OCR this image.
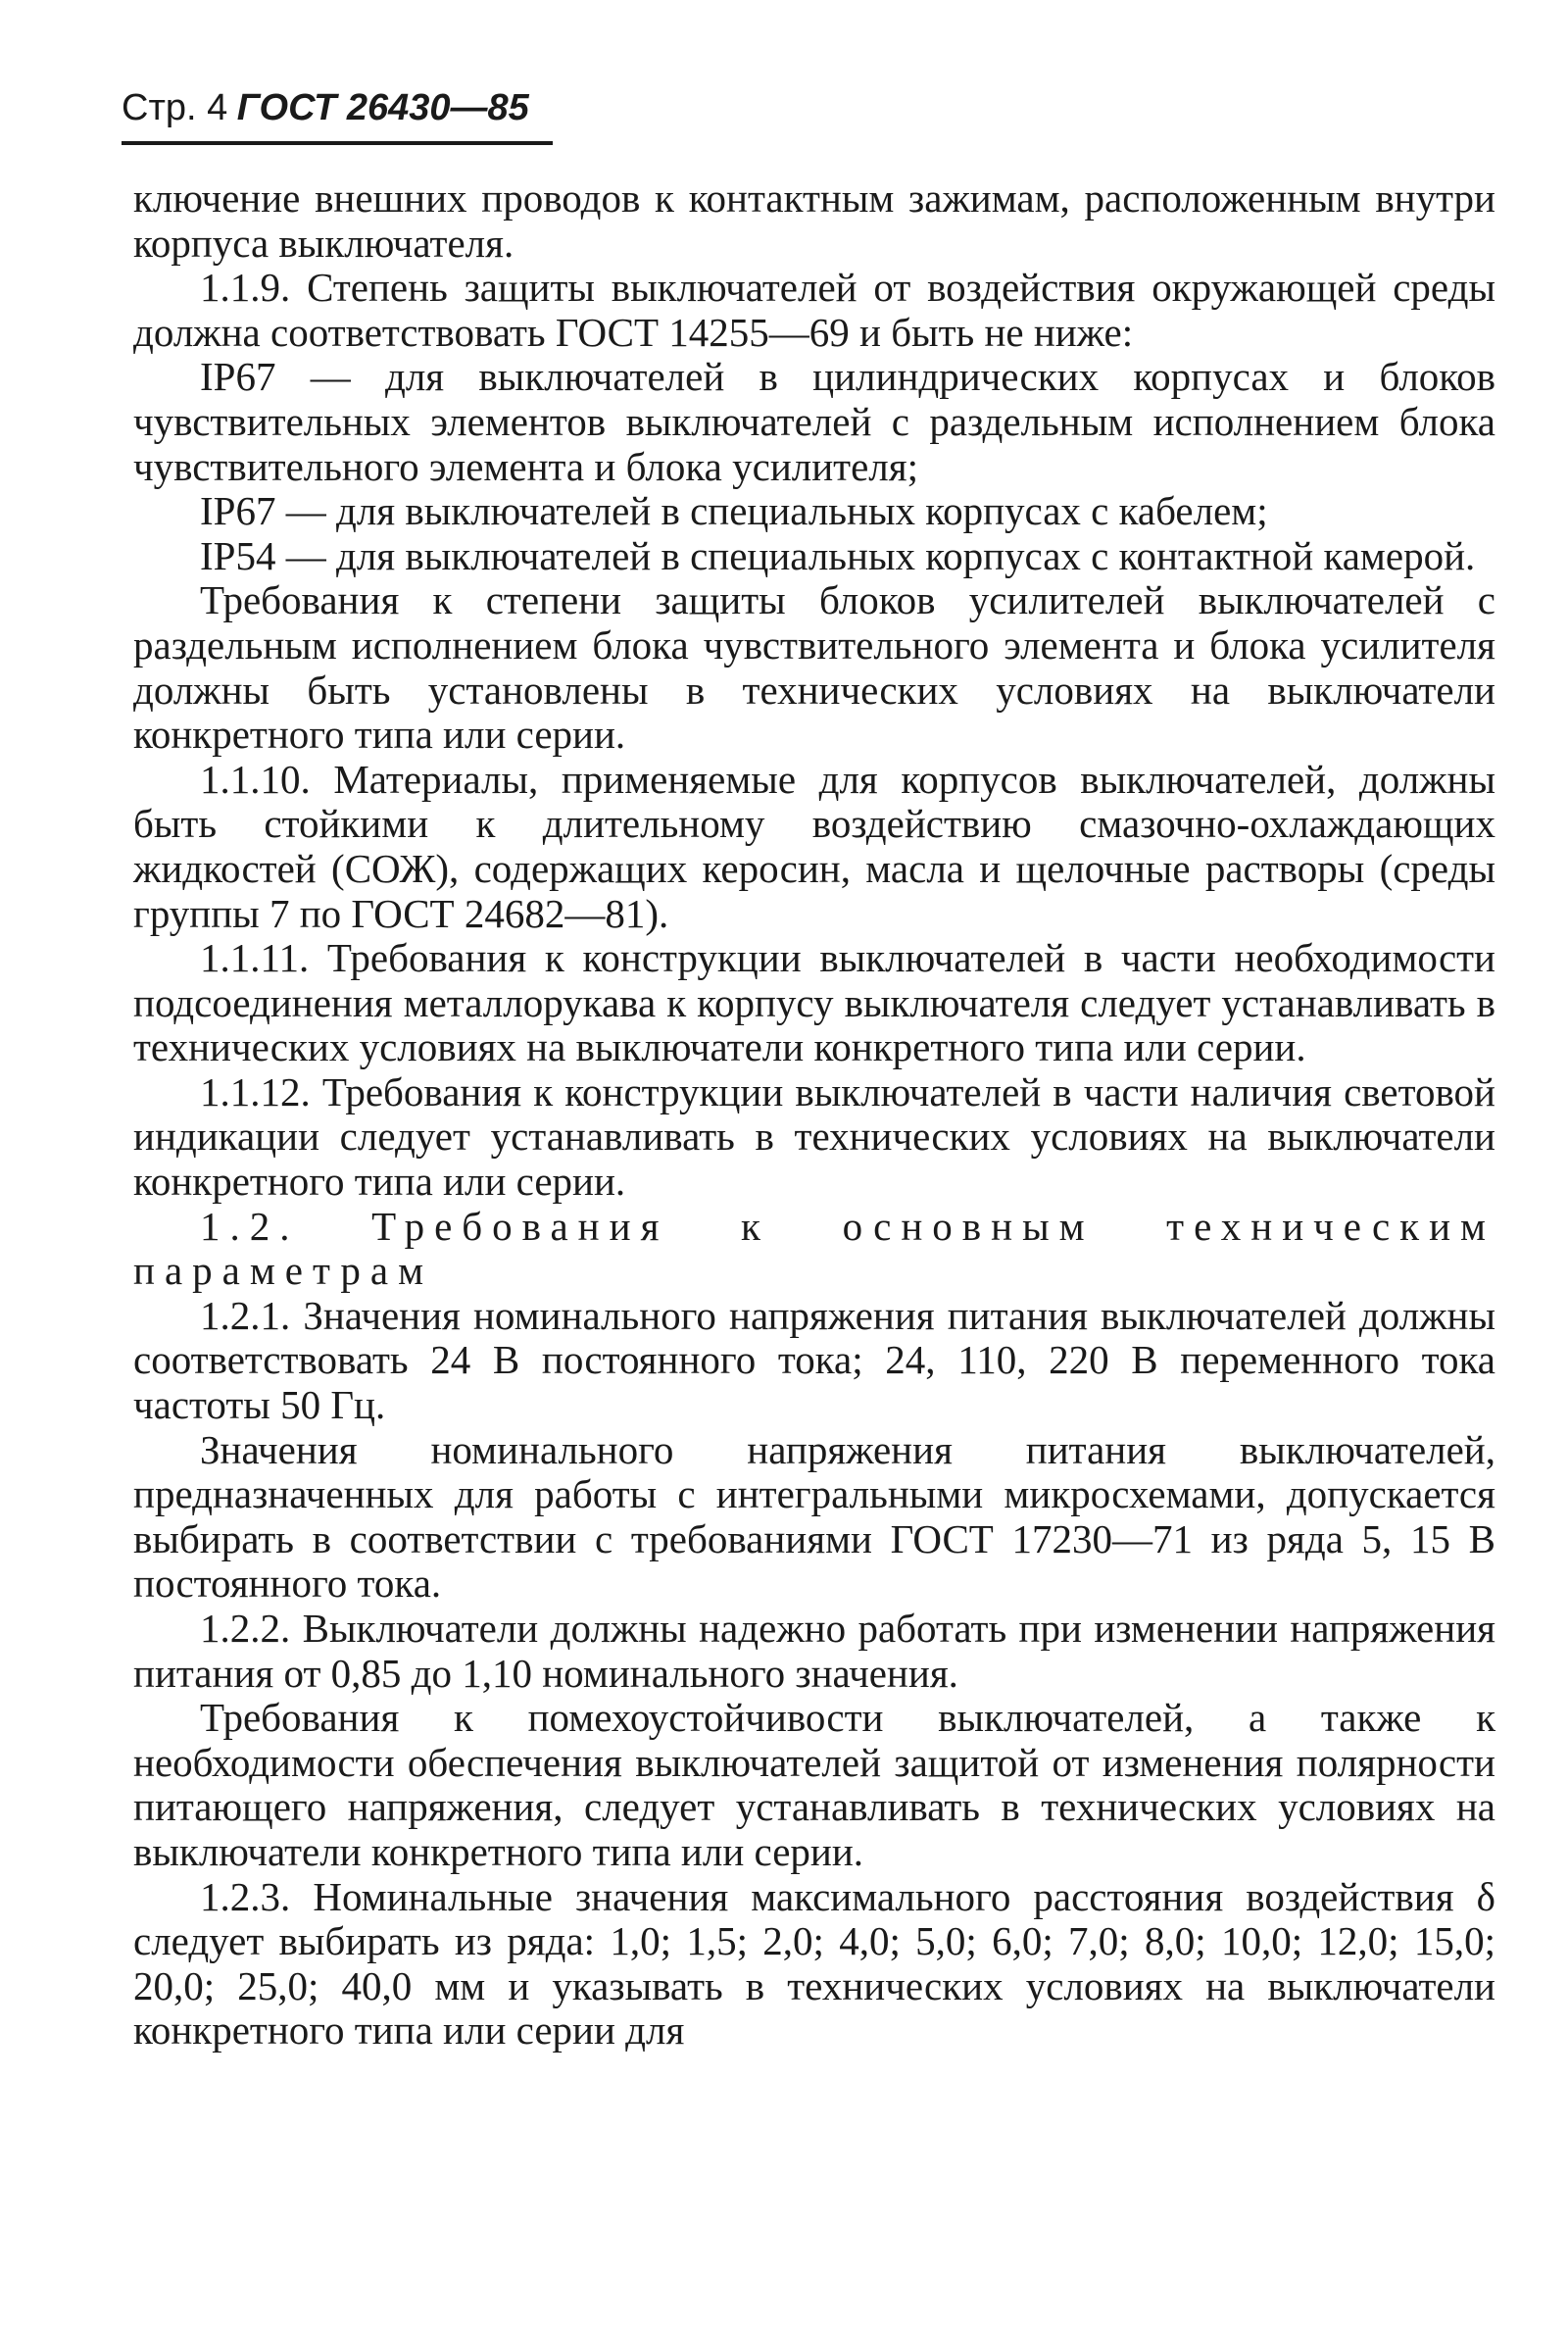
Стр. 4 ГОСТ 26430—85

ключение внешних проводов к контактным зажимам, расположенным внутри корпуса выключателя.

1.1.9. Степень защиты выключателей от воздействия окружающей среды должна соответствовать ГОСТ 14255—69 и быть не ниже:

IP67 — для выключателей в цилиндрических корпусах и блоков чувствительных элементов выключателей с раздельным исполнением блока чувствительного элемента и блока усилителя;

IP67 — для выключателей в специальных корпусах с кабелем;

IP54 — для выключателей в специальных корпусах с контактной камерой.

Требования к степени защиты блоков усилителей выключателей с раздельным исполнением блока чувствительного элемента и блока усилителя должны быть установлены в технических условиях на выключатели конкретного типа или серии.

1.1.10. Материалы, применяемые для корпусов выключателей, должны быть стойкими к длительному воздействию смазочно-охлаждающих жидкостей (СОЖ), содержащих керосин, масла и щелочные растворы (среды группы 7 по ГОСТ 24682—81).

1.1.11. Требования к конструкции выключателей в части необходимости подсоединения металлорукава к корпусу выключателя следует устанавливать в технических условиях на выключатели конкретного типа или серии.

1.1.12. Требования к конструкции выключателей в части наличия световой индикации следует устанавливать в технических условиях на выключатели конкретного типа или серии.

1.2. Требования к основным техническим параметрам

1.2.1. Значения номинального напряжения питания выключателей должны соответствовать 24 В постоянного тока; 24, 110, 220 В переменного тока частоты 50 Гц.

Значения номинального напряжения питания выключателей, предназначенных для работы с интегральными микросхемами, допускается выбирать в соответствии с требованиями ГОСТ 17230—71 из ряда 5, 15 В постоянного тока.

1.2.2. Выключатели должны надежно работать при изменении напряжения питания от 0,85 до 1,10 номинального значения.

Требования к помехоустойчивости выключателей, а также к необходимости обеспечения выключателей защитой от изменения полярности питающего напряжения, следует устанавливать в технических условиях на выключатели конкретного типа или серии.

1.2.3. Номинальные значения максимального расстояния воздействия δ следует выбирать из ряда: 1,0; 1,5; 2,0; 4,0; 5,0; 6,0; 7,0; 8,0; 10,0; 12,0; 15,0; 20,0; 25,0; 40,0 мм и указывать в технических условиях на выключатели конкретного типа или серии для
